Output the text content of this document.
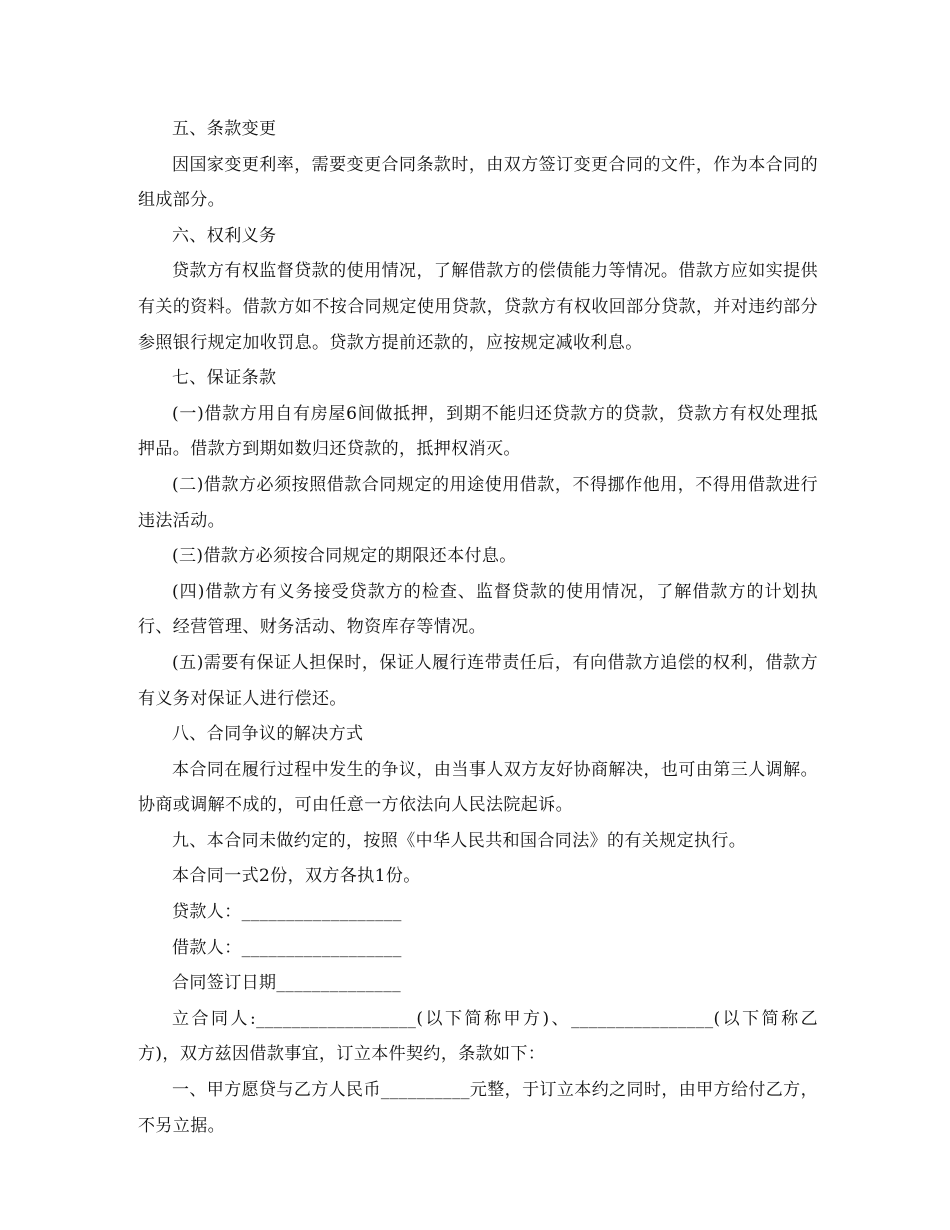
五、条款变更

因国家变更利率，需要变更合同条款时，由双方签订变更合同的文件，作为本合同的组成部分。

六、权利义务

贷款方有权监督贷款的使用情况，了解借款方的偿债能力等情况。借款方应如实提供有关的资料。借款方如不按合同规定使用贷款，贷款方有权收回部分贷款，并对违约部分参照银行规定加收罚息。贷款方提前还款的，应按规定减收利息。

七、保证条款

(一)借款方用自有房屋6间做抵押，到期不能归还贷款方的贷款，贷款方有权处理抵押品。借款方到期如数归还贷款的，抵押权消灭。

(二)借款方必须按照借款合同规定的用途使用借款，不得挪作他用，不得用借款进行违法活动。

(三)借款方必须按合同规定的期限还本付息。

(四)借款方有义务接受贷款方的检查、监督贷款的使用情况，了解借款方的计划执行、经营管理、财务活动、物资库存等情况。

(五)需要有保证人担保时，保证人履行连带责任后，有向借款方追偿的权利，借款方有义务对保证人进行偿还。

八、合同争议的解决方式

本合同在履行过程中发生的争议，由当事人双方友好协商解决，也可由第三人调解。协商或调解不成的，可由任意一方依法向人民法院起诉。

九、本合同未做约定的，按照《中华人民共和国合同法》的有关规定执行。

本合同一式2份，双方各执1份。

贷款人：__________________

借款人：__________________

合同签订日期______________

立合同人:__________________(以下简称甲方)、________________(以下简称乙方)，双方兹因借款事宜，订立本件契约，条款如下：

一、甲方愿贷与乙方人民币__________元整，于订立本约之同时，由甲方给付乙方，不另立据。
